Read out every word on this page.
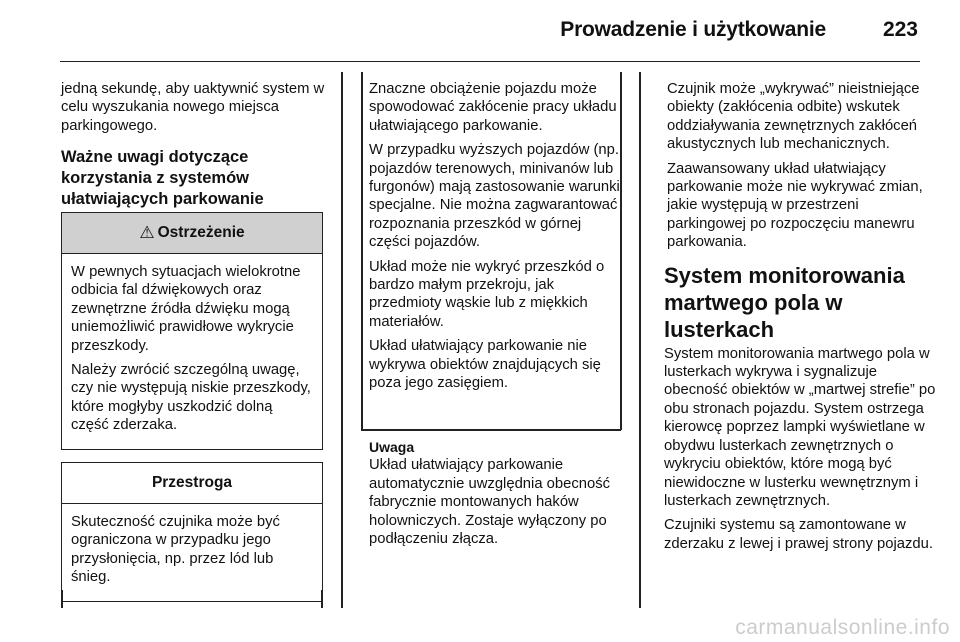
Prowadzenie i użytkowanie	223

jedną sekundę, aby uaktywnić system w celu wyszukania nowego miejsca parkingowego.

Ważne uwagi dotyczące korzystania z systemów ułatwiających parkowanie
⚠ Ostrzeżenie

W pewnych sytuacjach wielokrotne odbicia fal dźwiękowych oraz zewnętrzne źródła dźwięku mogą uniemożliwić prawidłowe wykrycie przeszkody.

Należy zwrócić szczególną uwagę, czy nie występują niskie przeszkody, które mogłyby uszkodzić dolną część zderzaka.

Przestroga

Skuteczność czujnika może być ograniczona w przypadku jego przysłonięcia, np. przez lód lub śnieg.

Znaczne obciążenie pojazdu może spowodować zakłócenie pracy układu ułatwiającego parkowanie.

W przypadku wyższych pojazdów (np. pojazdów terenowych, minivanów lub furgonów) mają zastosowanie warunki specjalne. Nie można zagwarantować rozpoznania przeszkód w górnej części pojazdów.

Układ może nie wykryć przeszkód o bardzo małym przekroju, jak przedmioty wąskie lub z miękkich materiałów.

Układ ułatwiający parkowanie nie wykrywa obiektów znajdujących się poza jego zasięgiem.

Uwaga
Układ ułatwiający parkowanie automatycznie uwzględnia obecność fabrycznie montowanych haków holowniczych. Zostaje wyłączony po podłączeniu złącza.

Czujnik może „wykrywać” nieistniejące obiekty (zakłócenia odbite) wskutek oddziaływania zewnętrznych zakłóceń akustycznych lub mechanicznych.

Zaawansowany układ ułatwiający parkowanie może nie wykrywać zmian, jakie występują w przestrzeni parkingowej po rozpoczęciu manewru parkowania.

System monitorowania martwego pola w lusterkach

System monitorowania martwego pola w lusterkach wykrywa i sygnalizuje obecność obiektów w „martwej strefie” po obu stronach pojazdu. System ostrzega kierowcę poprzez lampki wyświetlane w obydwu lusterkach zewnętrznych o wykryciu obiektów, które mogą być niewidoczne w lusterku wewnętrznym i lusterkach zewnętrznych.

Czujniki systemu są zamontowane w zderzaku z lewej i prawej strony pojazdu.

carmanualsonline.info
